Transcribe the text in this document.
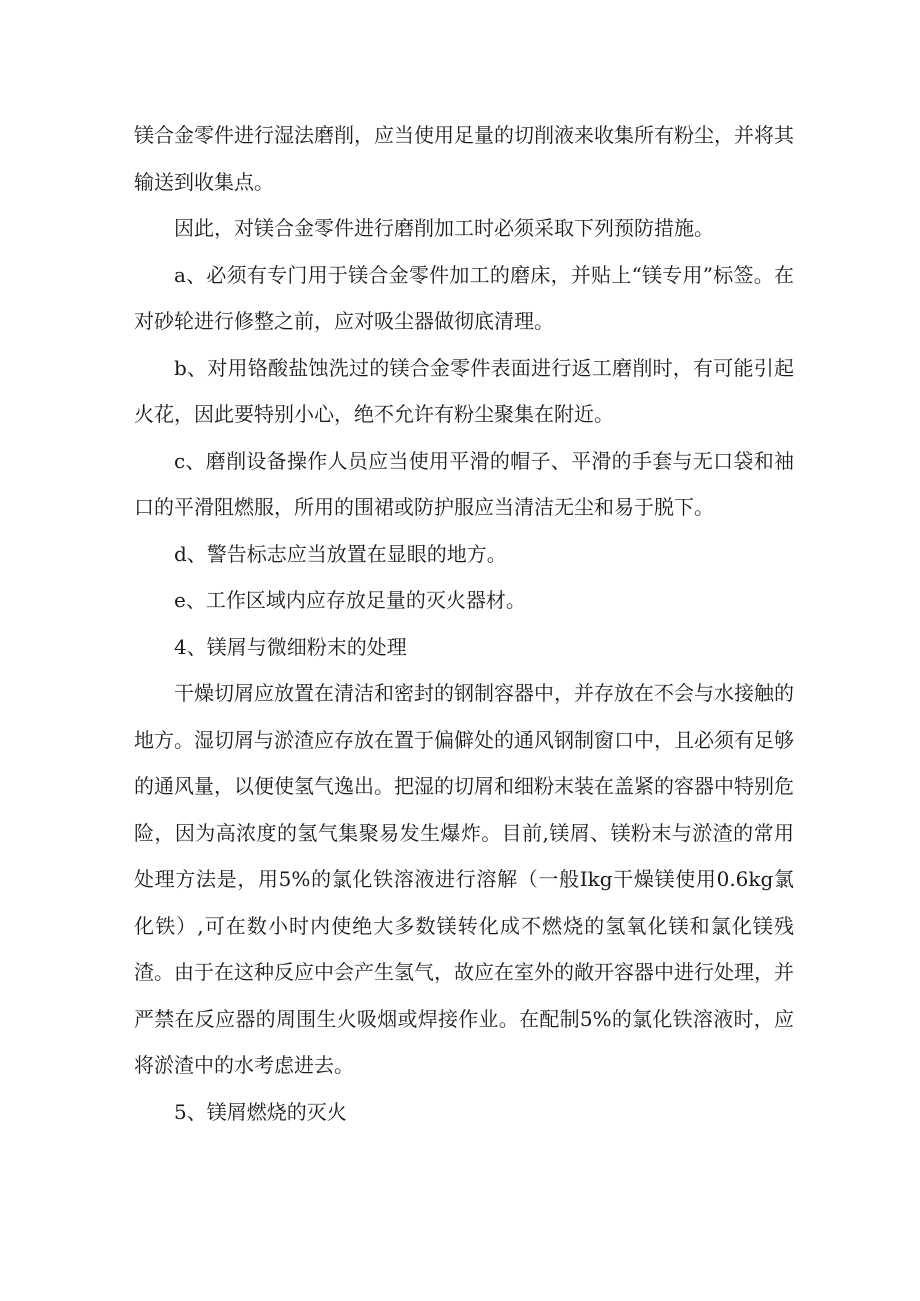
镁合金零件进行湿法磨削，应当使用足量的切削液来收集所有粉尘，并将其输送到收集点。

因此，对镁合金零件进行磨削加工时必须采取下列预防措施。

a、必须有专门用于镁合金零件加工的磨床，并贴上“镁专用”标签。在对砂轮进行修整之前，应对吸尘器做彻底清理。

b、对用铬酸盐蚀洗过的镁合金零件表面进行返工磨削时，有可能引起火花，因此要特别小心，绝不允许有粉尘聚集在附近。

c、磨削设备操作人员应当使用平滑的帽子、平滑的手套与无口袋和袖口的平滑阻燃服，所用的围裙或防护服应当清洁无尘和易于脱下。

d、警告标志应当放置在显眼的地方。

e、工作区域内应存放足量的灭火器材。

4、镁屑与微细粉末的处理

干燥切屑应放置在清洁和密封的钢制容器中，并存放在不会与水接触的地方。湿切屑与淤渣应存放在置于偏僻处的通风钢制窗口中，且必须有足够的通风量，以便使氢气逸出。把湿的切屑和细粉末装在盖紧的容器中特别危险，因为高浓度的氢气集聚易发生爆炸。目前,镁屑、镁粉末与淤渣的常用处理方法是，用5%的氯化铁溶液进行溶解（一般Ikg干燥镁使用0.6kg氯化铁）,可在数小时内使绝大多数镁转化成不燃烧的氢氧化镁和氯化镁残渣。由于在这种反应中会产生氢气，故应在室外的敞开容器中进行处理，并严禁在反应器的周围生火吸烟或焊接作业。在配制5%的氯化铁溶液时，应将淤渣中的水考虑进去。

5、镁屑燃烧的灭火
